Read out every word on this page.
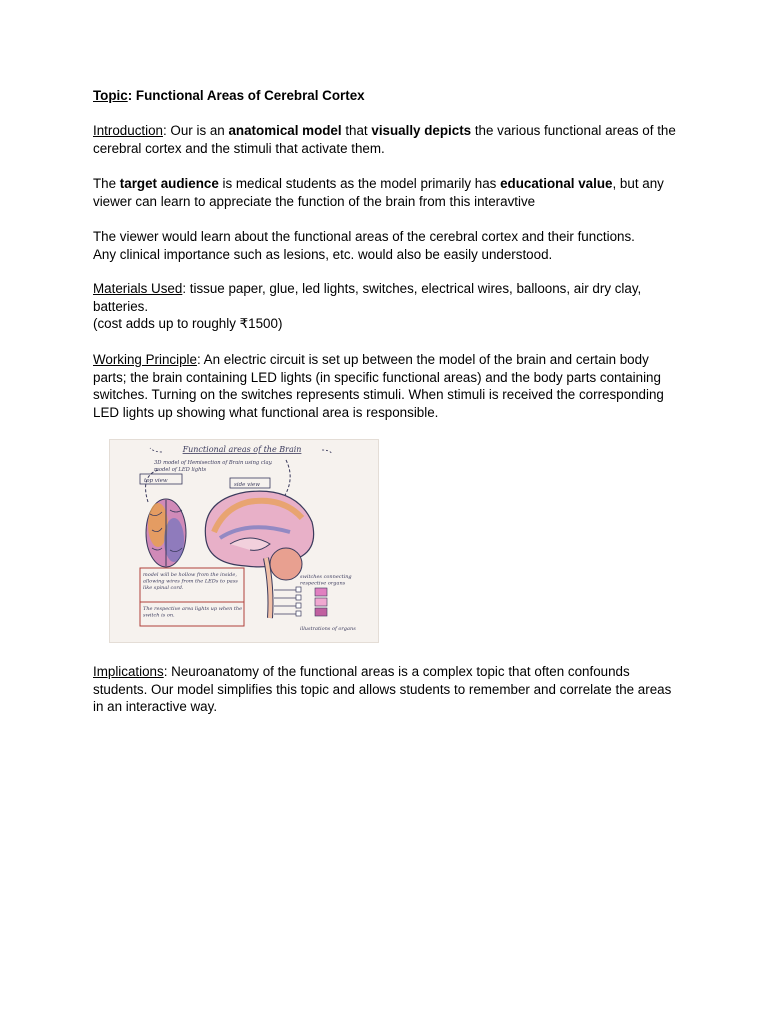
Topic: Functional Areas of Cerebral Cortex

Introduction: Our is an anatomical model that visually depicts the various functional areas of the cerebral cortex and the stimuli that activate them.

The target audience is medical students as the model primarily has educational value, but any viewer can learn to appreciate the function of the brain from this interavtive

The viewer would learn about the functional areas of the cerebral cortex and their functions.
Any clinical importance such as lesions, etc. would also be easily understood.

Materials Used: tissue paper, glue, led lights, switches, electrical wires, balloons, air dry clay, batteries.
(cost adds up to roughly ₹1500)

Working Principle: An electric circuit is set up between the model of the brain and certain body parts; the brain containing LED lights (in specific functional areas) and the body parts containing switches. Turning on the switches represents stimuli. When stimuli is received the corresponding LED lights up showing what functional area is responsible.

Functional areas of the Brain
3D model of Hemisection of Brain using clay. model of LED lights
top view
side view
model will be hollow from the inside, allowing wires from the LEDs to pass like spinal cord.
The respective area lights up when the switch is on.
switches connecting respective organs
illustrations of organs

Implications: Neuroanatomy of the functional areas is a complex topic that often confounds students. Our model simplifies this topic and allows students to remember and correlate the areas in an interactive way.
